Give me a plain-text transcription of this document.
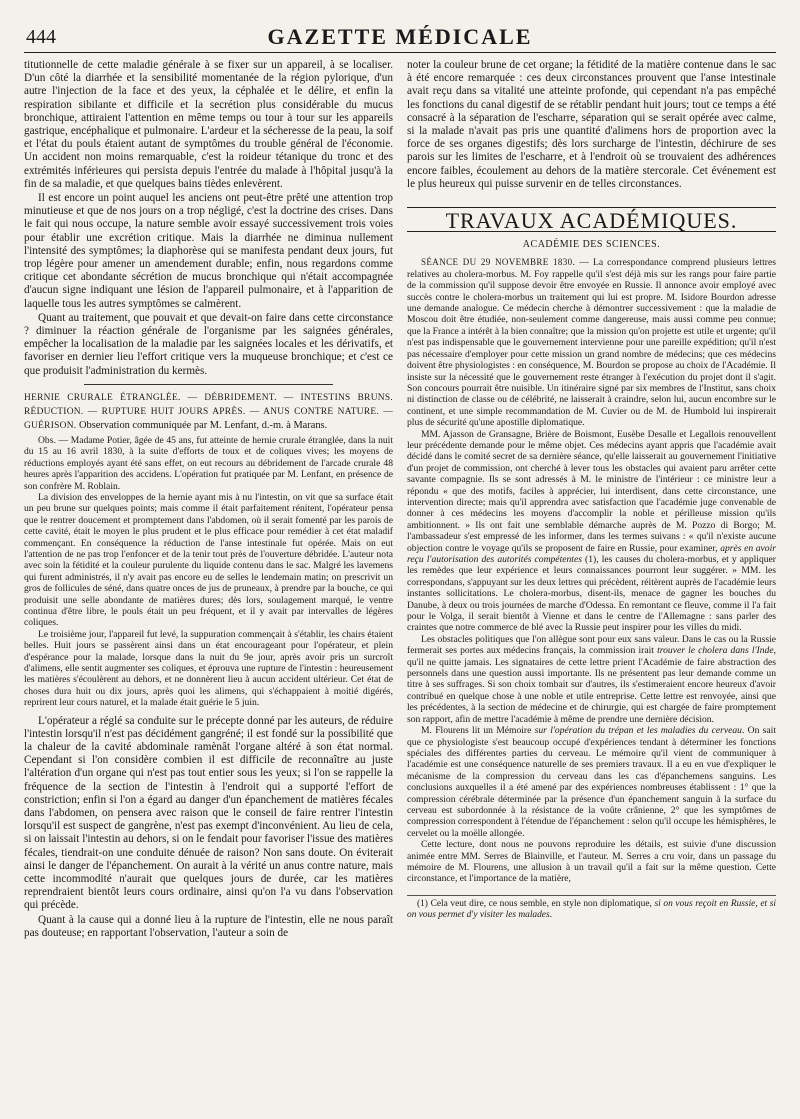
444	GAZETTE MÉDICALE

titutionnelle de cette maladie générale à se fixer sur un appareil, à se localiser. D'un côté la diarrhée et la sensibilité momentanée de la région pylorique, d'un autre l'injection de la face et des yeux, la céphalée et le délire, et enfin la respiration sibilante et difficile et la secrétion plus considérable du mucus bronchique, attiraient l'attention en même temps ou tour à tour sur les appareils gastrique, encéphalique et pulmonaire. L'ardeur et la sécheresse de la peau, la soif et l'état du pouls étaient autant de symptômes du trouble général de l'économie. Un accident non moins remarquable, c'est la roideur tétanique du tronc et des extrémités inférieures qui persista depuis l'entrée du malade à l'hôpital jusqu'à la fin de sa maladie, et que quelques bains tièdes enlevèrent.

Il est encore un point auquel les anciens ont peut-être prêté une attention trop minutieuse et que de nos jours on a trop négligé, c'est la doctrine des crises. Dans le fait qui nous occupe, la nature semble avoir essayé successivement trois voies pour établir une excrétion critique. Mais la diarrhée ne diminua nullement l'intensité des symptômes; la diaphorèse qui se manifesta pendant deux jours, fut trop légère pour amener un amendement durable; enfin, nous regardons comme critique cet abondante sécrétion de mucus bronchique qui n'était accompagnée d'aucun signe indiquant une lésion de l'appareil pulmonaire, et à l'apparition de laquelle tous les autres symptômes se calmèrent.

Quant au traitement, que pouvait et que devait-on faire dans cette circonstance ? diminuer la réaction générale de l'organisme par les saignées générales, empêcher la localisation de la maladie par les saignées locales et les dérivatifs, et favoriser en dernier lieu l'effort critique vers la muqueuse bronchique; et c'est ce que produisit l'administration du kermès.

HERNIE CRURALE ÉTRANGLÉE. — DÉBRIDEMENT. — INTESTINS BRUNS. RÉDUCTION. — RUPTURE HUIT JOURS APRÈS. — ANUS CONTRE NATURE. — GUÉRISON. Observation communiquée par M. Lenfant, d.-m. à Marans.

Obs. — Madame Potier, âgée de 45 ans, fut atteinte de hernie crurale étranglée, dans la nuit du 15 au 16 avril 1830, à la suite d'efforts de toux et de coliques vives; les moyens de réductions employés ayant été sans effet, on eut recours au débridement de l'arcade crurale 48 heures après l'apparition des accidens. L'opération fut pratiquée par M. Lenfant, en présence de son confrère M. Roblain.

La division des enveloppes de la hernie ayant mis à nu l'intestin, on vit que sa surface était un peu brune sur quelques points; mais comme il était parfaitement rénitent, l'opérateur pensa que le rentrer doucement et promptement dans l'abdomen, où il serait fomenté par les parois de cette cavité, était le moyen le plus prudent et le plus efficace pour remédier à cet état maladif commençant. En conséquence la réduction de l'anse intestinale fut opérée. Mais on eut l'attention de ne pas trop l'enfoncer et de la tenir tout près de l'ouverture débridée. L'auteur nota avec soin la fétidité et la couleur purulente du liquide contenu dans le sac. Malgré les lavemens qui furent administrés, il n'y avait pas encore eu de selles le lendemain matin; on prescrivit un gros de follicules de séné, dans quatre onces de jus de pruneaux, à prendre par la bouche, ce qui produisit une selle abondante de matières dures; dès lors, soulagement marqué, le ventre continua d'être libre, le pouls était un peu fréquent, et il y avait par intervalles de légères coliques.

Le troisième jour, l'appareil fut levé, la suppuration commençait à s'établir, les chairs étaient belles. Huit jours se passèrent ainsi dans un état encourageant pour l'opérateur, et plein d'espérance pour la malade, lorsque dans la nuit du 9e jour, après avoir pris un surcroît d'alimens, elle sentit augmenter ses coliques, et éprouva une rupture de l'intestin : heureusement les matières s'écoulèrent au dehors, et ne donnèrent lieu à aucun accident ultérieur. Cet état de choses dura huit ou dix jours, après quoi les alimens, qui s'échappaient à moitié digérés, reprirent leur cours naturel, et la malade était guérie le 5 juin.

L'opérateur a réglé sa conduite sur le précepte donné par les auteurs, de réduire l'intestin lorsqu'il n'est pas décidément gangréné; il est fondé sur la possibilité que la chaleur de la cavité abdominale ramènât l'organe altéré à son état normal. Cependant si l'on considère combien il est difficile de reconnaître au juste l'altération d'un organe qui n'est pas tout entier sous les yeux; si l'on se rappelle la fréquence de la section de l'intestin à l'endroit qui a supporté l'effort de constriction; enfin si l'on a égard au danger d'un épanchement de matières fécales dans l'abdomen, on pensera avec raison que le conseil de faire rentrer l'intestin lorsqu'il est suspect de gangrène, n'est pas exempt d'inconvénient. Au lieu de cela, si on laissait l'intestin au dehors, si on le fendait pour favoriser l'issue des matières fécales, tiendrait-on une conduite dénuée de raison? Non sans doute. On éviterait ainsi le danger de l'épanchement. On aurait à la vérité un anus contre nature, mais cette incommodité n'aurait que quelques jours de durée, car les matières reprendraient bientôt leurs cours ordinaire, ainsi qu'on l'a vu dans l'observation qui précède.

Quant à la cause qui a donné lieu à la rupture de l'intestin, elle ne nous paraît pas douteuse; en rapportant l'observation, l'auteur a soin de

noter la couleur brune de cet organe; la fétidité de la matière contenue dans le sac à été encore remarquée : ces deux circonstances prouvent que l'anse intestinale avait reçu dans sa vitalité une atteinte profonde, qui cependant n'a pas empêché les fonctions du canal digestif de se rétablir pendant huit jours; tout ce temps a été consacré à la séparation de l'escharre, séparation qui se serait opérée avec calme, si la malade n'avait pas pris une quantité d'alimens hors de proportion avec la force de ses organes digestifs; dès lors surcharge de l'intestin, déchirure de ses parois sur les limites de l'escharre, et à l'endroit où se trouvaient des adhérences encore faibles, écoulement au dehors de la matière stercorale. Cet événement est le plus heureux qui puisse survenir en de telles circonstances.

TRAVAUX ACADÉMIQUES.
ACADÉMIE DES SCIENCES.

SÉANCE DU 29 NOVEMBRE 1830. — La correspondance comprend plusieurs lettres relatives au cholera-morbus. M. Foy rappelle qu'il s'est déjà mis sur les rangs pour faire partie de la commission qu'il suppose devoir être envoyée en Russie. Il annonce avoir employé avec succès contre le cholera-morbus un traitement qui lui est propre. M. Isidore Bourdon adresse une demande analogue. Ce médecin cherche à démontrer successivement : que la maladie de Moscou doit être étudiée, non-seulement comme dangereuse, mais aussi comme peu connue; que la France a intérêt à la bien connaître; que la mission qu'on projette est utile et urgente; qu'il n'est pas indispensable que le gouvernement intervienne pour une pareille expédition; qu'il n'est pas nécessaire d'employer pour cette mission un grand nombre de médecins; que ces médecins doivent être physiologistes : en conséquence, M. Bourdon se propose au choix de l'Académie. Il insiste sur la nécessité que le gouvernement reste étranger à l'exécution du projet dont il s'agit. Son concours pourrait être nuisible. Un itinéraire signé par six membres de l'Institut, sans choix ni distinction de classe ou de célébrité, ne laisserait à craindre, selon lui, aucun encombre sur le continent, et une simple recommandation de M. Cuvier ou de M. de Humbold lui inspirerait plus de sécurité qu'une apostille diplomatique.

MM. Ajasson de Gransagne, Brière de Boismont, Eusèbe Desalle et Legallois renouvellent leur précédente demande pour le même objet. Ces médecins ayant appris que l'académie avait décidé dans le comité secret de sa dernière séance, qu'elle laisserait au gouvernement l'initiative d'un projet de commission, ont cherché à lever tous les obstacles qui avaient paru arrêter cette savante compagnie. Ils se sont adressés à M. le ministre de l'intérieur : ce ministre leur a répondu « que des motifs, faciles à apprécier, lui interdisent, dans cette circonstance, une intervention directe; mais qu'il apprendra avec satisfaction que l'académie juge convenable de donner à ces médecins les moyens d'accomplir la noble et périlleuse mission qu'ils ambitionnent. » Ils ont fait une semblable démarche auprès de M. Pozzo di Borgo; M. l'ambassadeur s'est empressé de les informer, dans les termes suivans : « qu'il n'existe aucune objection contre le voyage qu'ils se proposent de faire en Russie, pour examiner, après en avoir reçu l'autorisation des autorités compétentes (1), les causes du cholera-morbus, et y appliquer les remèdes que leur expérience et leurs connaissances pourront leur suggérer. » MM. les correspondans, s'appuyant sur les deux lettres qui précèdent, réitèrent auprès de l'académie leurs instantes sollicitations. Le cholera-morbus, disent-ils, menace de gagner les bouches du Danube, à deux ou trois journées de marche d'Odessa. En remontant ce fleuve, comme il l'a fait pour le Volga, il serait bientôt à Vienne et dans le centre de l'Allemagne : sans parler des craintes que notre commerce de blé avec la Russie peut inspirer pour les villes du midi.

Les obstacles politiques que l'on allègue sont pour eux sans valeur. Dans le cas ou la Russie fermerait ses portes aux médecins français, la commission irait trouver le cholera dans l'Inde, qu'il ne quitte jamais. Les signataires de cette lettre prient l'Académie de faire abstraction des personnels dans une question aussi importante. Ils ne présentent pas leur demande comme un titre à ses suffrages. Si son choix tombait sur d'autres, ils s'estimeraient encore heureux d'avoir contribué en quelque chose à une noble et utile entreprise. Cette lettre est renvoyée, ainsi que les précédentes, à la section de médecine et de chirurgie, qui est chargée de faire promptement son rapport, afin de mettre l'académie à même de prendre une dernière décision.

M. Flourens lit un Mémoire sur l'opération du trépan et les maladies du cerveau. On sait que ce physiologiste s'est beaucoup occupé d'expériences tendant à déterminer les fonctions spéciales des différentes parties du cerveau. Le mémoire qu'il vient de communiquer à l'académie est une conséquence naturelle de ses premiers travaux. Il a eu en vue d'expliquer le mécanisme de la compression du cerveau dans les cas d'épanchemens sanguins. Les conclusions auxquelles il a été amené par des expériences nombreuses établissent : 1° que la compression cérébrale déterminée par la présence d'un épanchement sanguin à la surface du cerveau est subordonnée à la résistance de la voûte crânienne, 2° que les symptômes de compression correspondent à l'étendue de l'épanchement : selon qu'il occupe les hémisphères, le cervelet ou la moëlle allongée.

Cette lecture, dont nous ne pouvons reproduire les détails, est suivie d'une discussion animée entre MM. Serres de Blainville, et l'auteur. M. Serres a cru voir, dans un passage du mémoire de M. Flourens, une allusion à un travail qu'il a fait sur la même question. Cette circonstance, et l'importance de la matière,

(1) Cela veut dire, ce nous semble, en style non diplomatique, si on vous reçoit en Russie, et si on vous permet d'y visiter les malades.
